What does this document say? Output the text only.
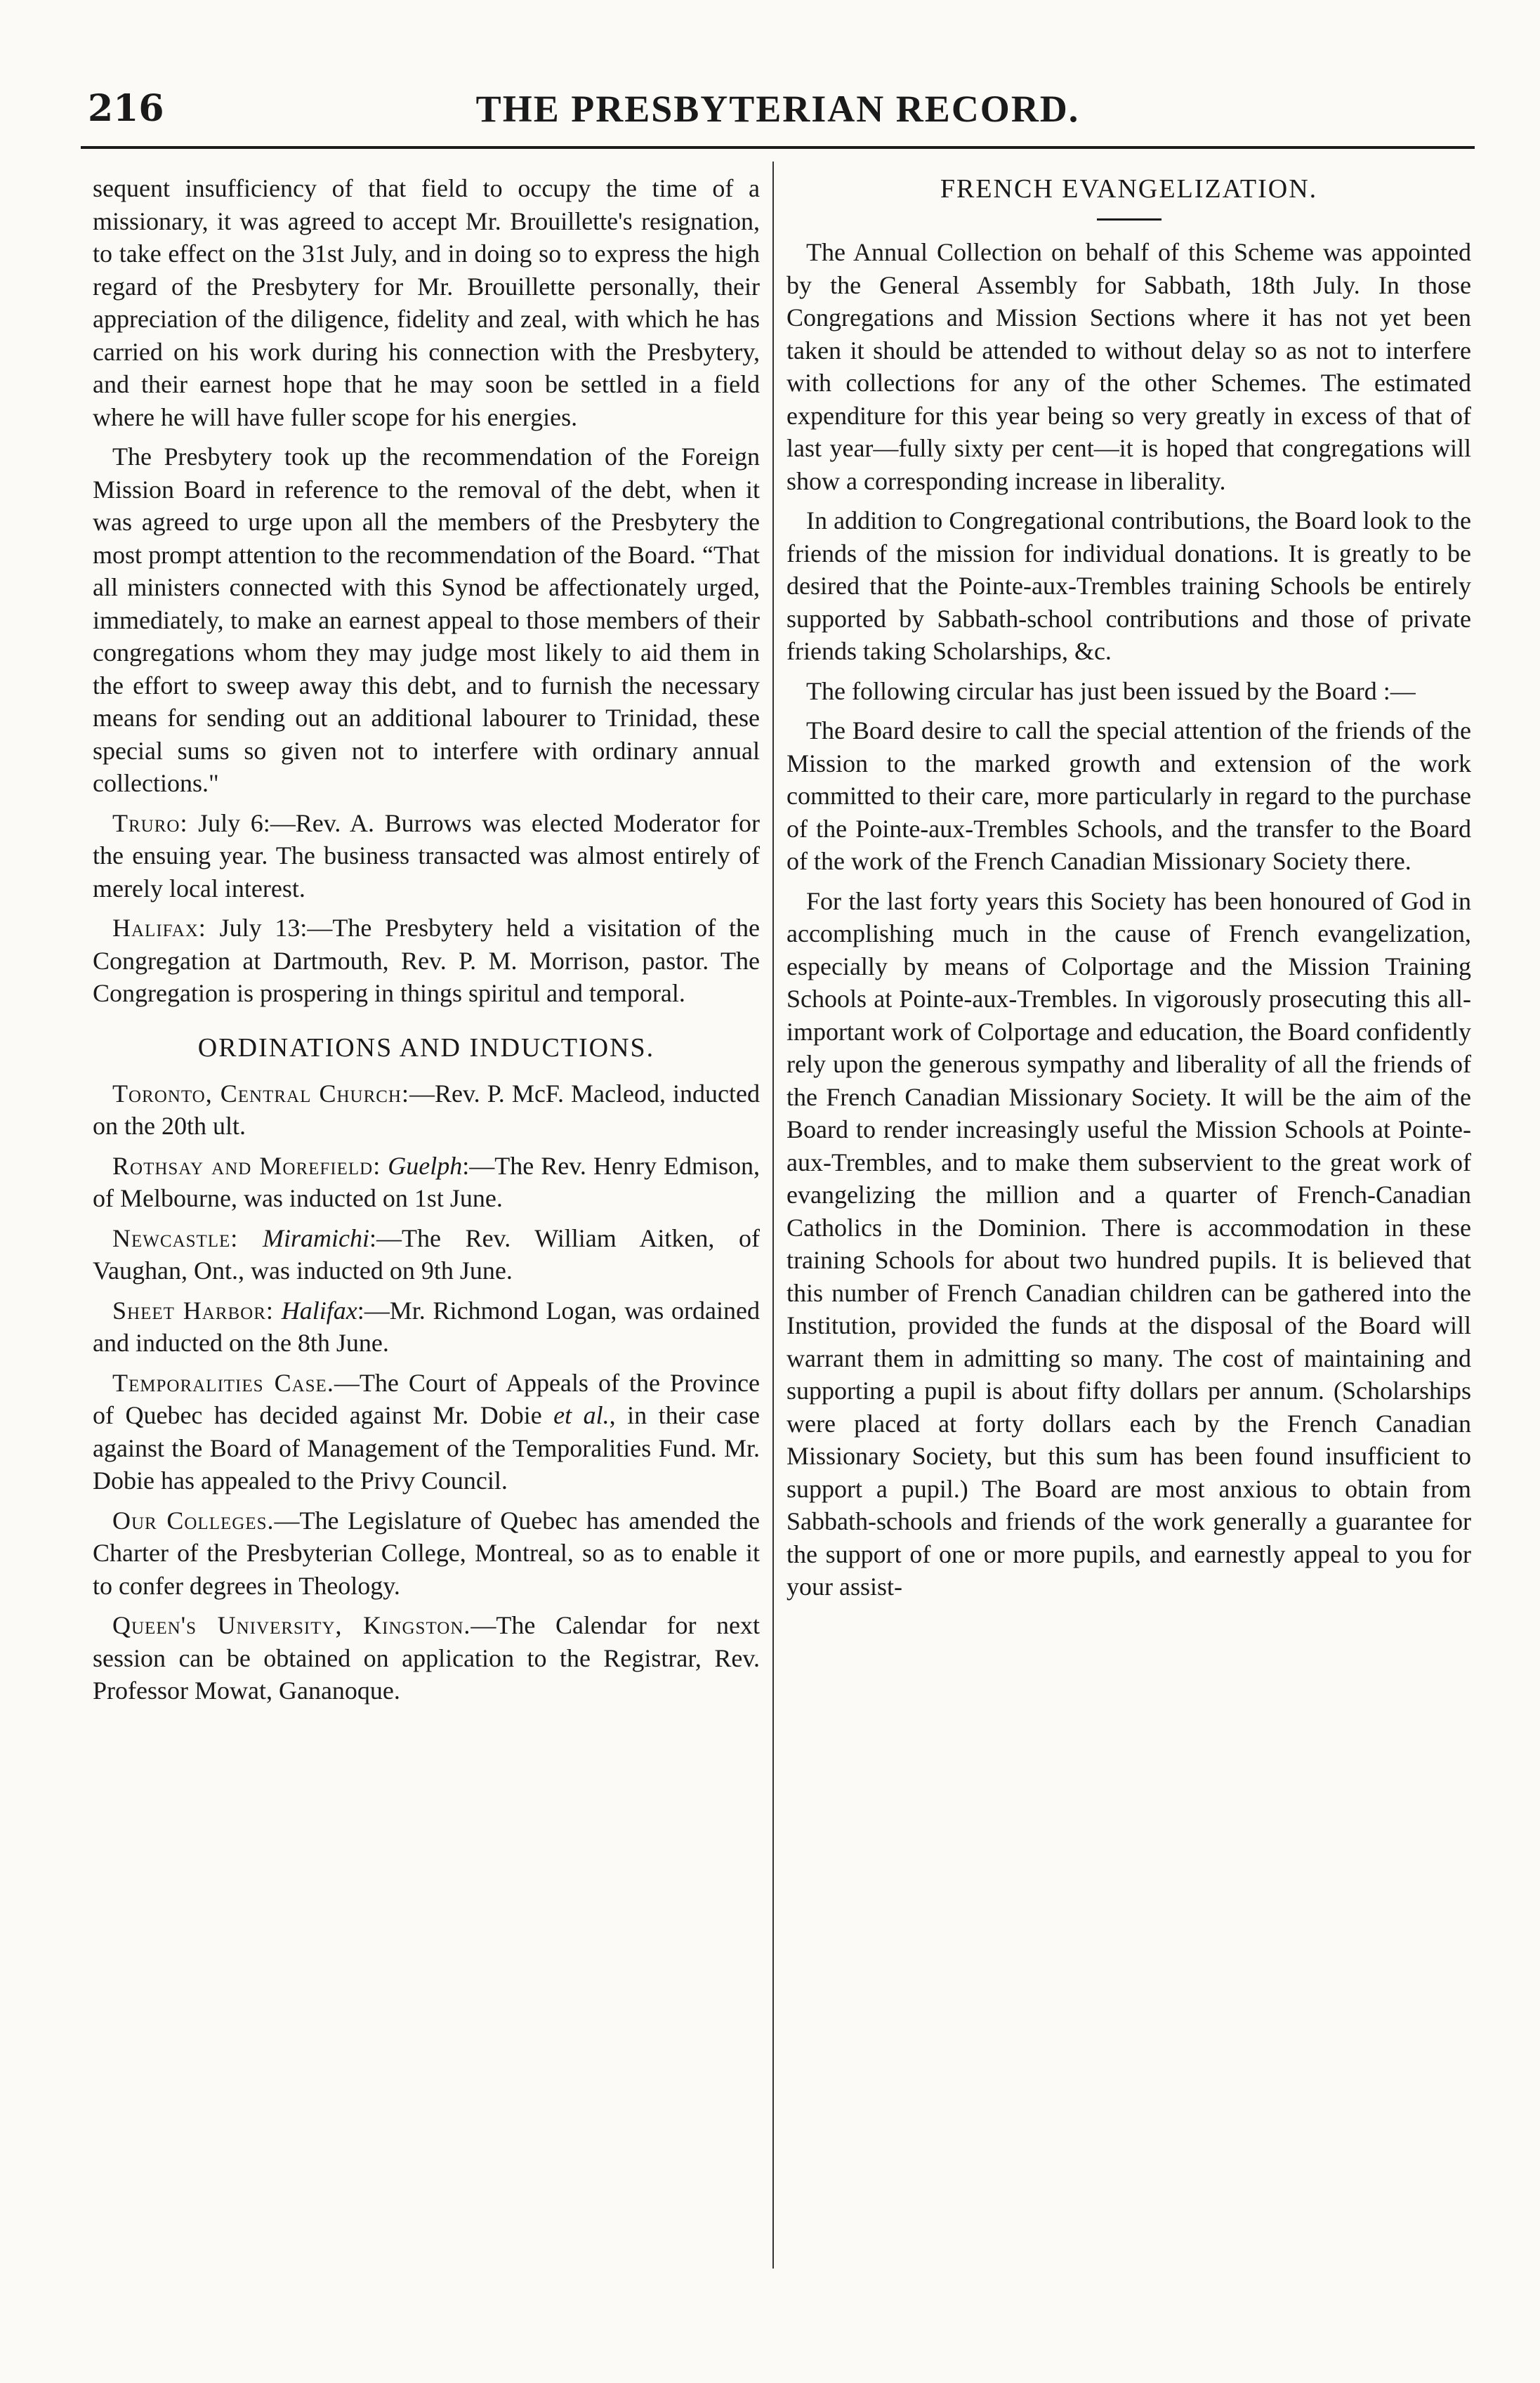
216	THE PRESBYTERIAN RECORD.

sequent insufficiency of that field to occupy the time of a missionary, it was agreed to accept Mr. Brouillette's resignation, to take effect on the 31st July, and in doing so to express the high regard of the Presbytery for Mr. Brouillette personally, their appreciation of the diligence, fidelity and zeal, with which he has carried on his work during his connection with the Presbytery, and their earnest hope that he may soon be settled in a field where he will have fuller scope for his energies.

The Presbytery took up the recommendation of the Foreign Mission Board in reference to the removal of the debt, when it was agreed to urge upon all the members of the Presbytery the most prompt attention to the recommendation of the Board. “That all ministers connected with this Synod be affectionately urged, immediately, to make an earnest appeal to those members of their congregations whom they may judge most likely to aid them in the effort to sweep away this debt, and to furnish the necessary means for sending out an additional labourer to Trinidad, these special sums so given not to interfere with ordinary annual collections."

Truro: July 6:—Rev. A. Burrows was elected Moderator for the ensuing year. The business transacted was almost entirely of merely local interest.

Halifax: July 13:—The Presbytery held a visitation of the Congregation at Dartmouth, Rev. P. M. Morrison, pastor. The Congregation is prospering in things spiritul and temporal.

ORDINATIONS AND INDUCTIONS.

Toronto, Central Church:—Rev. P. McF. Macleod, inducted on the 20th ult.

Rothsay and Morefield: Guelph:—The Rev. Henry Edmison, of Melbourne, was inducted on 1st June.

Newcastle: Miramichi:—The Rev. William Aitken, of Vaughan, Ont., was inducted on 9th June.

Sheet Harbor: Halifax:—Mr. Richmond Logan, was ordained and inducted on the 8th June.

Temporalities Case.—The Court of Appeals of the Province of Quebec has decided against Mr. Dobie et al., in their case against the Board of Management of the Temporalities Fund. Mr. Dobie has appealed to the Privy Council.

Our Colleges.—The Legislature of Quebec has amended the Charter of the Presbyterian College, Montreal, so as to enable it to confer degrees in Theology.

Queen's University, Kingston.—The Calendar for next session can be obtained on application to the Registrar, Rev. Professor Mowat, Gananoque.

FRENCH EVANGELIZATION.

The Annual Collection on behalf of this Scheme was appointed by the General Assembly for Sabbath, 18th July. In those Congregations and Mission Sections where it has not yet been taken it should be attended to without delay so as not to interfere with collections for any of the other Schemes. The estimated expenditure for this year being so very greatly in excess of that of last year—fully sixty per cent—it is hoped that congregations will show a corresponding increase in liberality.

In addition to Congregational contributions, the Board look to the friends of the mission for individual donations. It is greatly to be desired that the Pointe-aux-Trembles training Schools be entirely supported by Sabbath-school contributions and those of private friends taking Scholarships, &c.

The following circular has just been issued by the Board :—

The Board desire to call the special attention of the friends of the Mission to the marked growth and extension of the work committed to their care, more particularly in regard to the purchase of the Pointe-aux-Trembles Schools, and the transfer to the Board of the work of the French Canadian Missionary Society there.

For the last forty years this Society has been honoured of God in accomplishing much in the cause of French evangelization, especially by means of Colportage and the Mission Training Schools at Pointe-aux-Trembles. In vigorously prosecuting this all-important work of Colportage and education, the Board confidently rely upon the generous sympathy and liberality of all the friends of the French Canadian Missionary Society. It will be the aim of the Board to render increasingly useful the Mission Schools at Pointe-aux-Trembles, and to make them subservient to the great work of evangelizing the million and a quarter of French-Canadian Catholics in the Dominion. There is accommodation in these training Schools for about two hundred pupils. It is believed that this number of French Canadian children can be gathered into the Institution, provided the funds at the disposal of the Board will warrant them in admitting so many. The cost of maintaining and supporting a pupil is about fifty dollars per annum. (Scholarships were placed at forty dollars each by the French Canadian Missionary Society, but this sum has been found insufficient to support a pupil.) The Board are most anxious to obtain from Sabbath-schools and friends of the work generally a guarantee for the support of one or more pupils, and earnestly appeal to you for your assist-
